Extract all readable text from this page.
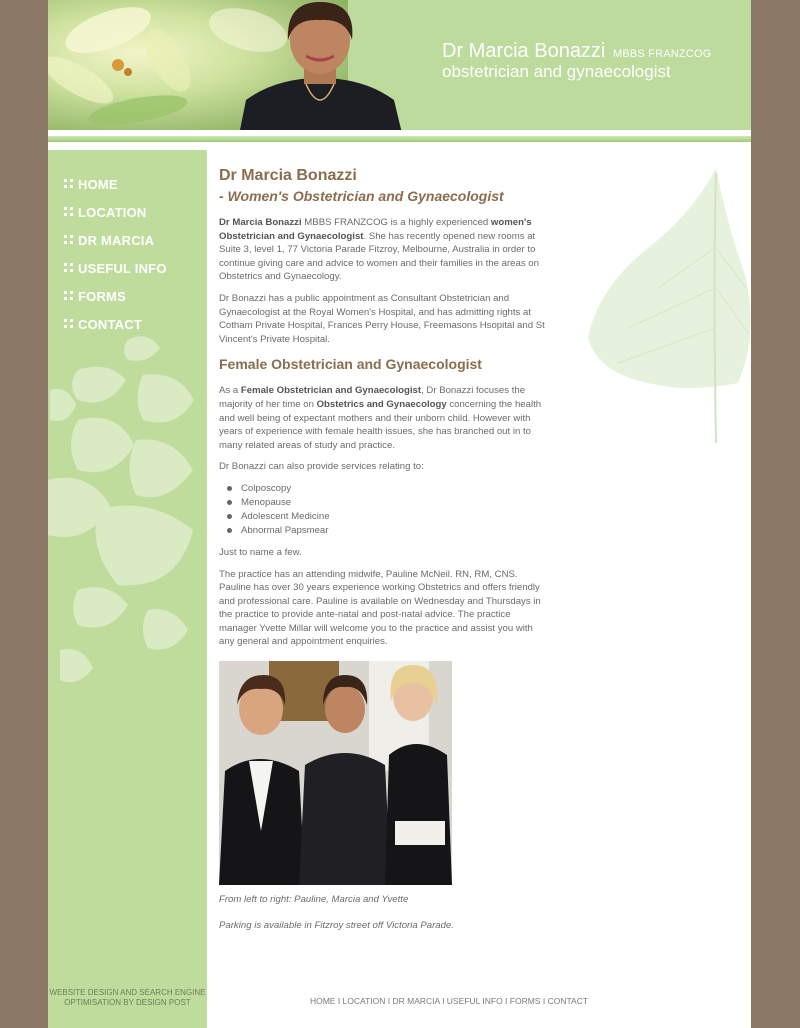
Dr Marcia Bonazzi MBBS FRANZCOG
obstetrician and gynaecologist
HOME
LOCATION
DR MARCIA
USEFUL INFO
FORMS
CONTACT
WEBSITE DESIGN AND SEARCH ENGINE OPTIMISATION BY DESIGN POST
Dr Marcia Bonazzi
- Women's Obstetrician and Gynaecologist

Dr Marcia Bonazzi MBBS FRANZCOG is a highly experienced women's Obstetrician and Gynaecologist. She has recently opened new rooms at Suite 3, level 1, 77 Victoria Parade Fitzroy, Melbourne, Australia in order to continue giving care and advice to women and their families in the areas on Obstetrics and Gynaecology.

Dr Bonazzi has a public appointment as Consultant Obstetrician and Gynaecologist at the Royal Women's Hospital, and has admitting rights at Cotham Private Hospital, Frances Perry House, Freemasons Hsopital and St Vincent's Private Hospital.

Female Obstetrician and Gynaecologist

As a Female Obstetrician and Gynaecologist, Dr Bonazzi focuses the majority of her time on Obstetrics and Gynaecology concerning the health and well being of expectant mothers and their unborn child. However with years of experience with female health issues, she has branched out in to many related areas of study and practice.

Dr Bonazzi can also provide services relating to:

Colposcopy
Menopause
Adolescent Medicine
Abnormal Papsmear

Just to name a few.

The practice has an attending midwife, Pauline McNeil. RN, RM, CNS. Pauline has over 30 years experience working Obstetrics and offers friendly and professional care. Pauline is available on Wednesday and Thursdays in the practice to provide ante-natal and post-natal advice. The practice manager Yvette Millar will welcome you to the practice and assist you with any general and appointment enquiries.

From left to right: Pauline, Marcia and Yvette

Parking is available in Fitzroy street off Victoria Parade.

HOME I LOCATION I DR MARCIA I USEFUL INFO I FORMS I CONTACT
